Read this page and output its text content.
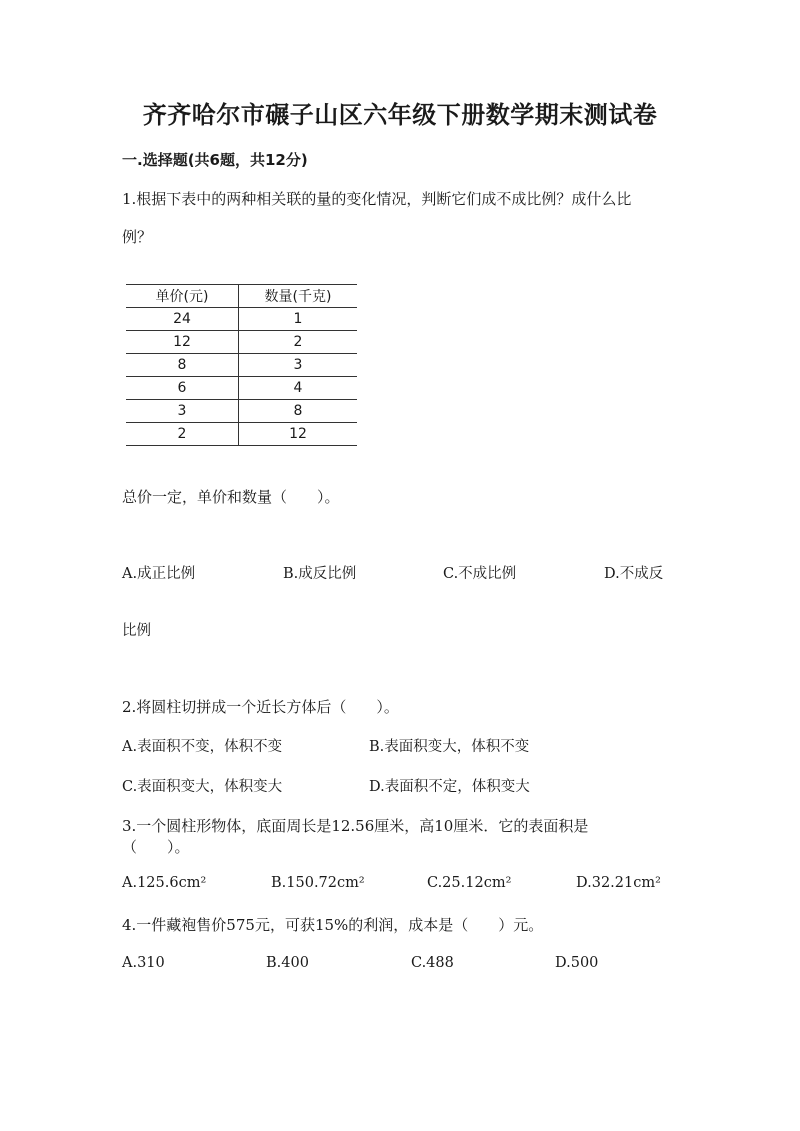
齐齐哈尔市碾子山区六年级下册数学期末测试卷
一.选择题(共6题，共12分)
1.根据下表中的两种相关联的量的变化情况，判断它们成不成比例？成什么比
例？
单价(元)	数量(千克)
24	1
12	2
8	3
6	4
3	8
2	12
总价一定，单价和数量（　　）。
A.成正比例	B.成反比例	C.不成比例	D.不成反
比例
2.将圆柱切拼成一个近长方体后（　　）。
A.表面积不变，体积不变	B.表面积变大，体积不变
C.表面积变大，体积变大	D.表面积不定，体积变大
3.一个圆柱形物体，底面周长是12.56厘米，高10厘米．它的表面积是
（　　）。
A.125.6cm²	B.150.72cm²	C.25.12cm²	D.32.21cm²
4.一件藏袍售价575元，可获15%的利润，成本是（　　）元。
A.310	B.400	C.488	D.500
